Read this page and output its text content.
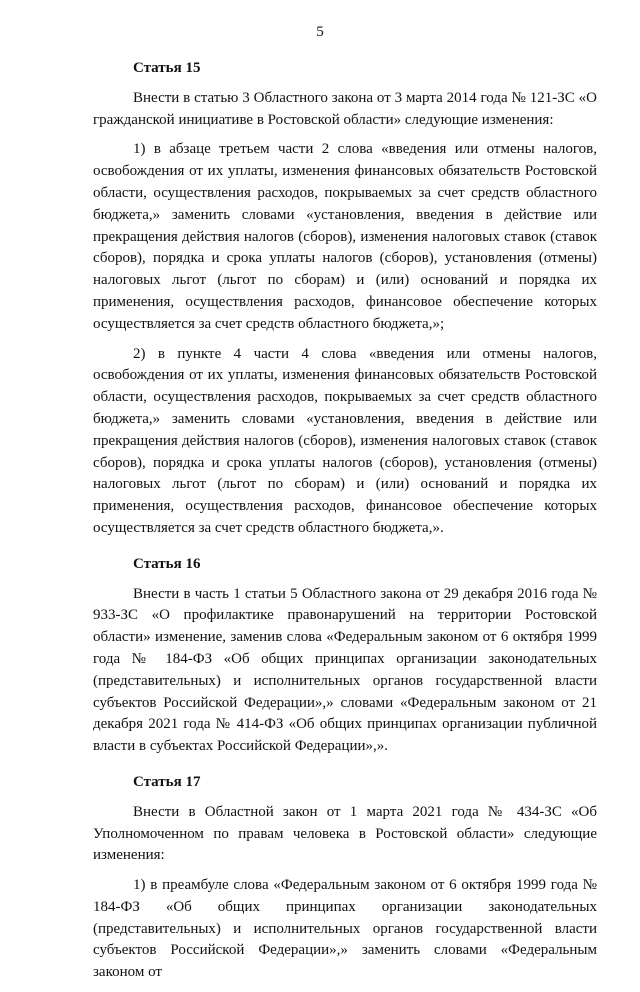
5
Статья 15

Внести в статью 3 Областного закона от 3 марта 2014 года № 121-ЗС «О гражданской инициативе в Ростовской области» следующие изменения:

1) в абзаце третьем части 2 слова «введения или отмены налогов, освобождения от их уплаты, изменения финансовых обязательств Ростовской области, осуществления расходов, покрываемых за счет средств областного бюджета,» заменить словами «установления, введения в действие или прекращения действия налогов (сборов), изменения налоговых ставок (ставок сборов), порядка и срока уплаты налогов (сборов), установления (отмены) налоговых льгот (льгот по сборам) и (или) оснований и порядка их применения, осуществления расходов, финансовое обеспечение которых осуществляется за счет средств областного бюджета,»;

2) в пункте 4 части 4 слова «введения или отмены налогов, освобождения от их уплаты, изменения финансовых обязательств Ростовской области, осуществления расходов, покрываемых за счет средств областного бюджета,» заменить словами «установления, введения в действие или прекращения действия налогов (сборов), изменения налоговых ставок (ставок сборов), порядка и срока уплаты налогов (сборов), установления (отмены) налоговых льгот (льгот по сборам) и (или) оснований и порядка их применения, осуществления расходов, финансовое обеспечение которых осуществляется за счет средств областного бюджета,».

Статья 16

Внести в часть 1 статьи 5 Областного закона от 29 декабря 2016 года № 933-ЗС «О профилактике правонарушений на территории Ростовской области» изменение, заменив слова «Федеральным законом от 6 октября 1999 года № 184-ФЗ «Об общих принципах организации законодательных (представительных) и исполнительных органов государственной власти субъектов Российской Федерации»,» словами «Федеральным законом от 21 декабря 2021 года № 414-ФЗ «Об общих принципах организации публичной власти в субъектах Российской Федерации»,».

Статья 17

Внести в Областной закон от 1 марта 2021 года № 434-ЗС «Об Уполномоченном по правам человека в Ростовской области» следующие изменения:

1) в преамбуле слова «Федеральным законом от 6 октября 1999 года № 184-ФЗ «Об общих принципах организации законодательных (представительных) и исполнительных органов государственной власти субъектов Российской Федерации»,» заменить словами «Федеральным законом от
